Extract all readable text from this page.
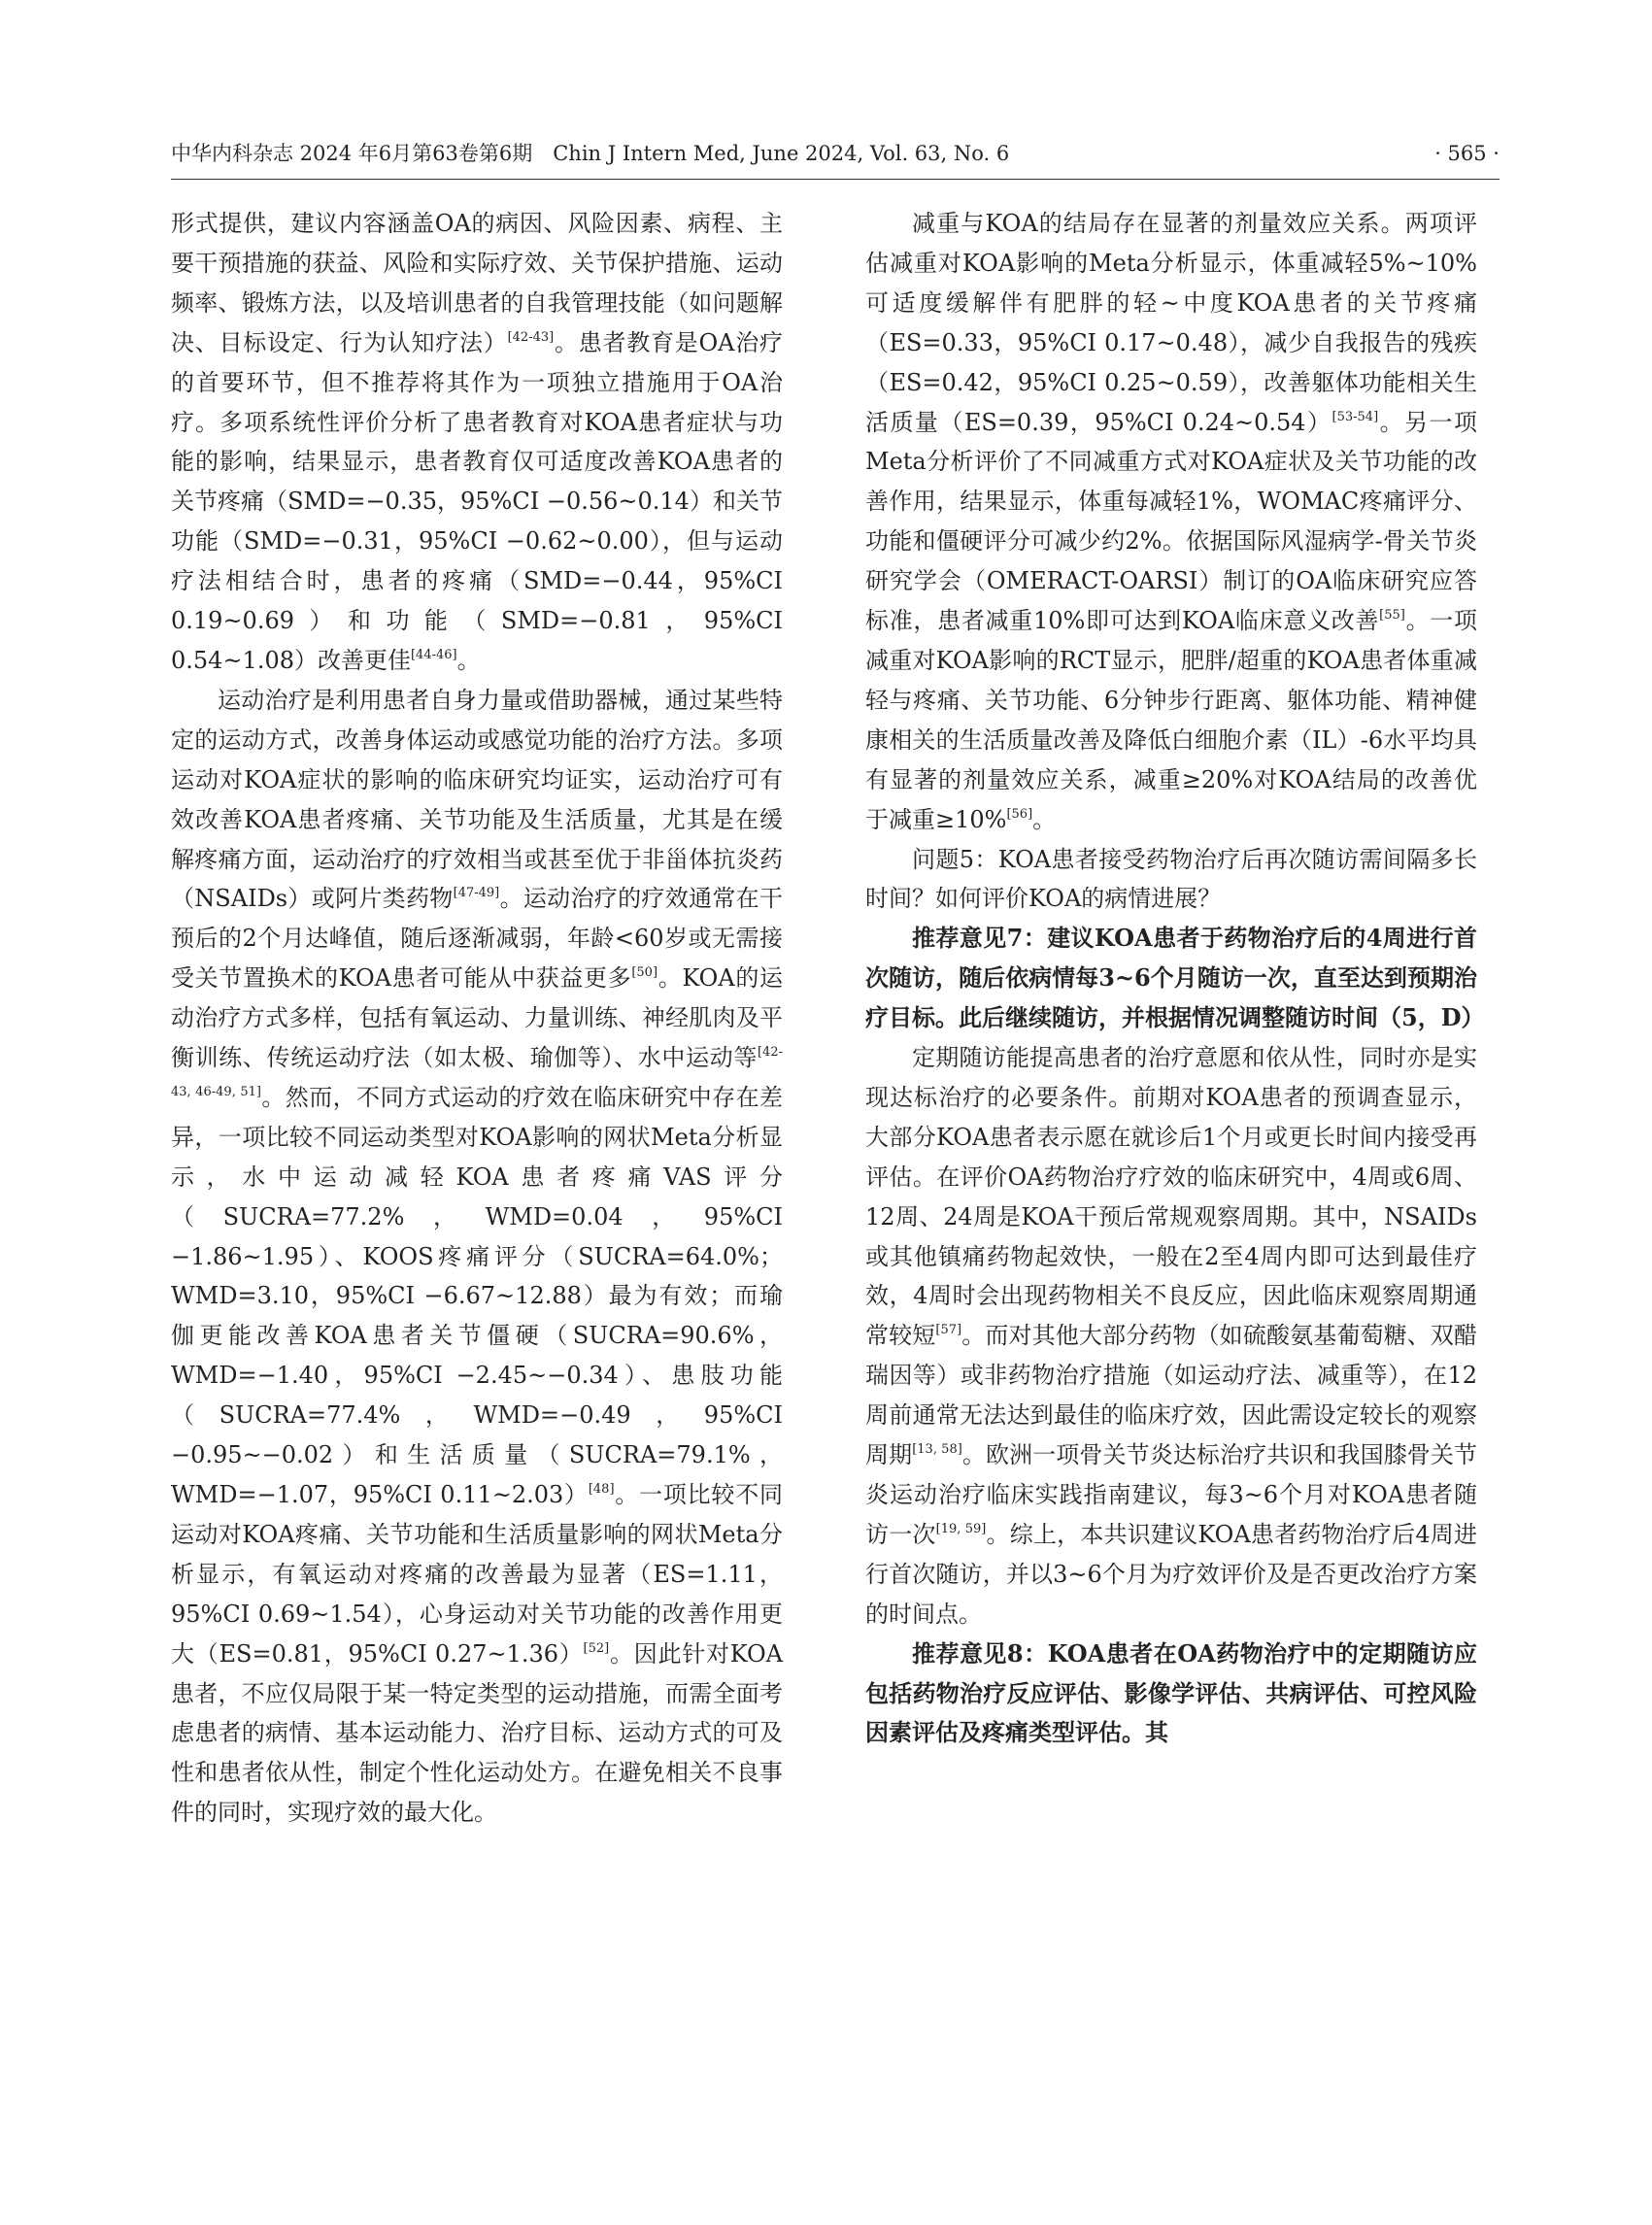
中华内科杂志 2024 年6月第63卷第6期　Chin J Intern Med, June 2024, Vol. 63, No. 6	· 565 ·

形式提供，建议内容涵盖OA的病因、风险因素、病程、主要干预措施的获益、风险和实际疗效、关节保护措施、运动频率、锻炼方法，以及培训患者的自我管理技能（如问题解决、目标设定、行为认知疗法）[42-43]。患者教育是OA治疗的首要环节，但不推荐将其作为一项独立措施用于OA治疗。多项系统性评价分析了患者教育对KOA患者症状与功能的影响，结果显示，患者教育仅可适度改善KOA患者的关节疼痛（SMD=−0.35，95%CI −0.56~0.14）和关节功能（SMD=−0.31，95%CI −0.62~0.00），但与运动疗法相结合时，患者的疼痛（SMD=−0.44，95%CI 0.19~0.69）和功能（SMD=−0.81，95%CI 0.54~1.08）改善更佳[44-46]。

运动治疗是利用患者自身力量或借助器械，通过某些特定的运动方式，改善身体运动或感觉功能的治疗方法。多项运动对KOA症状的影响的临床研究均证实，运动治疗可有效改善KOA患者疼痛、关节功能及生活质量，尤其是在缓解疼痛方面，运动治疗的疗效相当或甚至优于非甾体抗炎药（NSAIDs）或阿片类药物[47-49]。运动治疗的疗效通常在干预后的2个月达峰值，随后逐渐减弱，年龄<60岁或无需接受关节置换术的KOA患者可能从中获益更多[50]。KOA的运动治疗方式多样，包括有氧运动、力量训练、神经肌肉及平衡训练、传统运动疗法（如太极、瑜伽等）、水中运动等[42-43, 46-49, 51]。然而，不同方式运动的疗效在临床研究中存在差异，一项比较不同运动类型对KOA影响的网状Meta分析显示，水中运动减轻KOA患者疼痛VAS评分（SUCRA=77.2%，WMD=0.04，95%CI −1.86~1.95）、KOOS疼痛评分（SUCRA=64.0%；WMD=3.10，95%CI −6.67~12.88）最为有效；而瑜伽更能改善KOA患者关节僵硬（SUCRA=90.6%，WMD=−1.40，95%CI −2.45~−0.34）、患肢功能（SUCRA=77.4%，WMD=−0.49，95%CI −0.95~−0.02）和生活质量（SUCRA=79.1%，WMD=−1.07，95%CI 0.11~2.03）[48]。一项比较不同运动对KOA疼痛、关节功能和生活质量影响的网状Meta分析显示，有氧运动对疼痛的改善最为显著（ES=1.11，95%CI 0.69~1.54），心身运动对关节功能的改善作用更大（ES=0.81，95%CI 0.27~1.36）[52]。因此针对KOA患者，不应仅局限于某一特定类型的运动措施，而需全面考虑患者的病情、基本运动能力、治疗目标、运动方式的可及性和患者依从性，制定个性化运动处方。在避免相关不良事件的同时，实现疗效的最大化。

减重与KOA的结局存在显著的剂量效应关系。两项评估减重对KOA影响的Meta分析显示，体重减轻5%~10%可适度缓解伴有肥胖的轻~中度KOA患者的关节疼痛（ES=0.33，95%CI 0.17~0.48），减少自我报告的残疾（ES=0.42，95%CI 0.25~0.59），改善躯体功能相关生活质量（ES=0.39，95%CI 0.24~0.54）[53-54]。另一项Meta分析评价了不同减重方式对KOA症状及关节功能的改善作用，结果显示，体重每减轻1%，WOMAC疼痛评分、功能和僵硬评分可减少约2%。依据国际风湿病学-骨关节炎研究学会（OMERACT-OARSI）制订的OA临床研究应答标准，患者减重10%即可达到KOA临床意义改善[55]。一项减重对KOA影响的RCT显示，肥胖/超重的KOA患者体重减轻与疼痛、关节功能、6分钟步行距离、躯体功能、精神健康相关的生活质量改善及降低白细胞介素（IL）-6水平均具有显著的剂量效应关系，减重≥20%对KOA结局的改善优于减重≥10%[56]。

问题5：KOA患者接受药物治疗后再次随访需间隔多长时间？如何评价KOA的病情进展？

推荐意见7：建议KOA患者于药物治疗后的4周进行首次随访，随后依病情每3~6个月随访一次，直至达到预期治疗目标。此后继续随访，并根据情况调整随访时间（5，D）

定期随访能提高患者的治疗意愿和依从性，同时亦是实现达标治疗的必要条件。前期对KOA患者的预调查显示，大部分KOA患者表示愿在就诊后1个月或更长时间内接受再评估。在评价OA药物治疗疗效的临床研究中，4周或6周、12周、24周是KOA干预后常规观察周期。其中，NSAIDs或其他镇痛药物起效快，一般在2至4周内即可达到最佳疗效，4周时会出现药物相关不良反应，因此临床观察周期通常较短[57]。而对其他大部分药物（如硫酸氨基葡萄糖、双醋瑞因等）或非药物治疗措施（如运动疗法、减重等），在12周前通常无法达到最佳的临床疗效，因此需设定较长的观察周期[13, 58]。欧洲一项骨关节炎达标治疗共识和我国膝骨关节炎运动治疗临床实践指南建议，每3~6个月对KOA患者随访一次[19, 59]。综上，本共识建议KOA患者药物治疗后4周进行首次随访，并以3~6个月为疗效评价及是否更改治疗方案的时间点。

推荐意见8：KOA患者在OA药物治疗中的定期随访应包括药物治疗反应评估、影像学评估、共病评估、可控风险因素评估及疼痛类型评估。其
